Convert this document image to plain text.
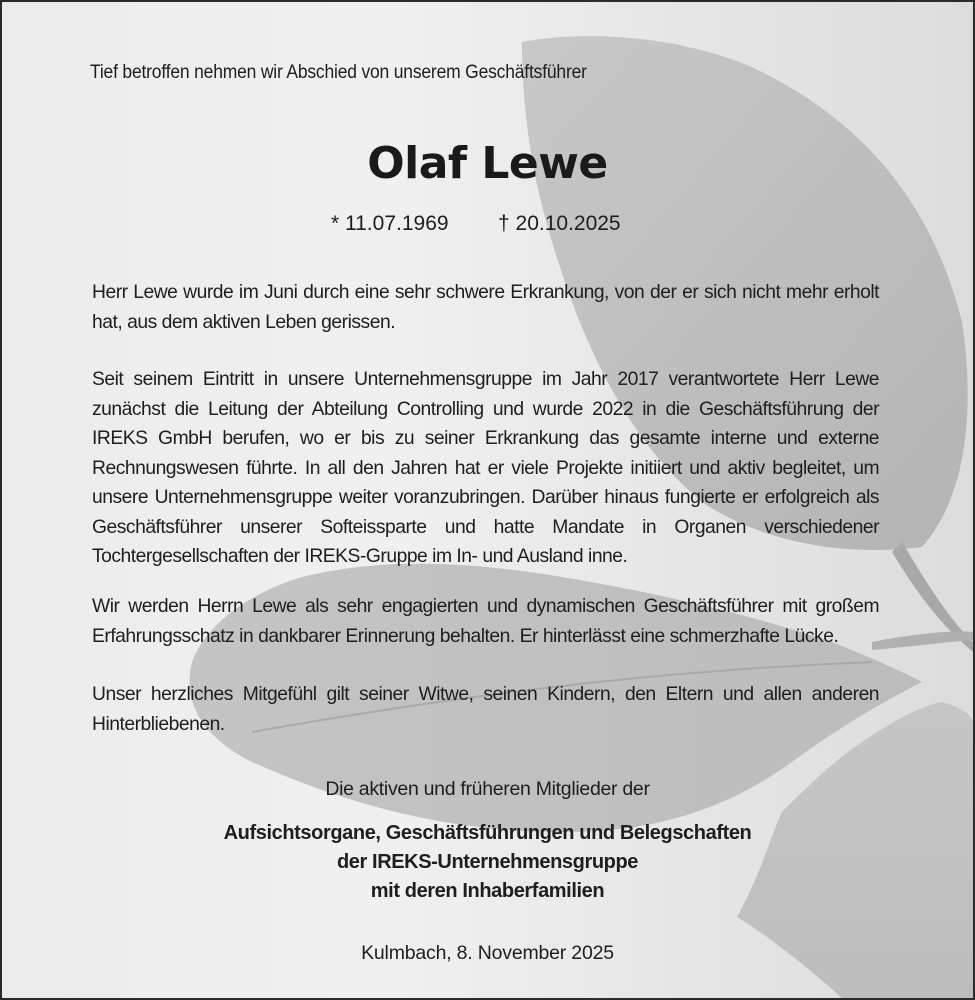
Tief betroffen nehmen wir Abschied von unserem Geschäftsführer
Olaf Lewe
* 11.07.1969 † 20.10.2025
Herr Lewe wurde im Juni durch eine sehr schwere Erkrankung, von der er sich nicht mehr erholt hat, aus dem aktiven Leben gerissen.
Seit seinem Eintritt in unsere Unternehmensgruppe im Jahr 2017 verantwortete Herr Lewe zunächst die Leitung der Abteilung Controlling und wurde 2022 in die Geschäftsführung der IREKS GmbH berufen, wo er bis zu seiner Erkrankung das gesamte interne und externe Rechnungswesen führte. In all den Jahren hat er viele Projekte initiiert und aktiv begleitet, um unsere Unternehmensgruppe weiter voranzubringen. Darüber hinaus fungierte er erfolgreich als Geschäftsführer unserer Softeissparte und hatte Mandate in Organen verschiedener Tochtergesellschaften der IREKS-Gruppe im In- und Ausland inne.
Wir werden Herrn Lewe als sehr engagierten und dynamischen Geschäftsführer mit großem Erfahrungsschatz in dankbarer Erinnerung behalten. Er hinterlässt eine schmerzhafte Lücke.
Unser herzliches Mitgefühl gilt seiner Witwe, seinen Kindern, den Eltern und allen anderen Hinterbliebenen.
Die aktiven und früheren Mitglieder der
Aufsichtsorgane, Geschäftsführungen und Belegschaften
der IREKS-Unternehmensgruppe
mit deren Inhaberfamilien
Kulmbach, 8. November 2025
